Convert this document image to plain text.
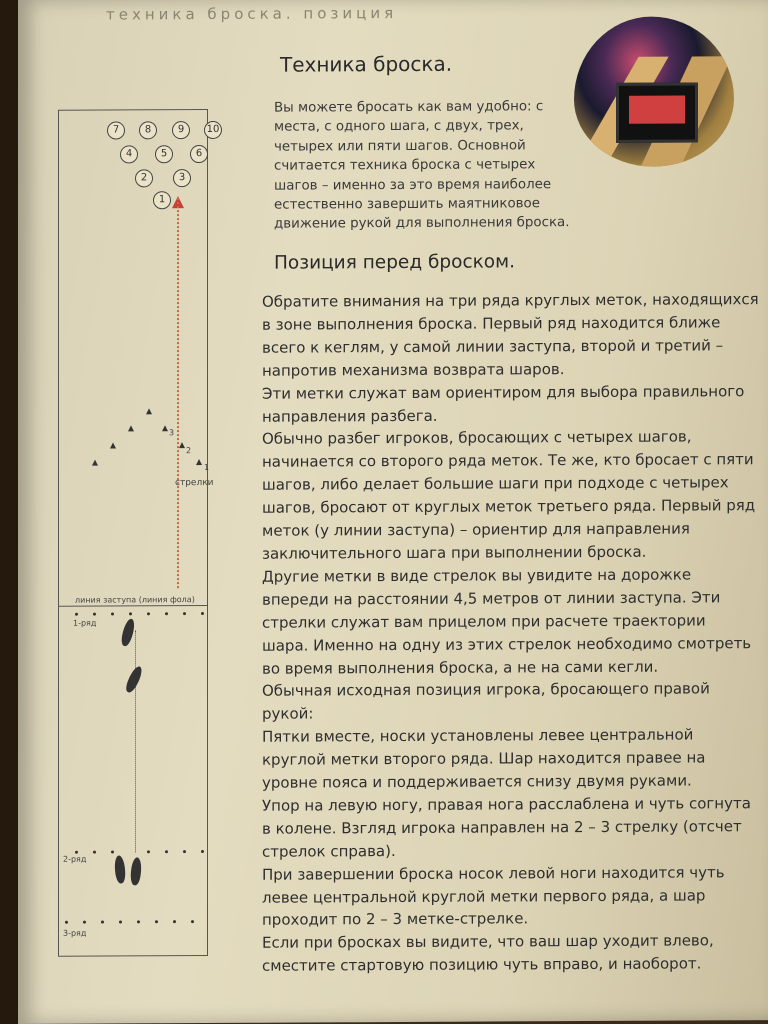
техника броска. позиция
Техника броска.
Вы можете бросать как вам удобно: с
места, с одного шага, с двух, трех,
четырех или пяти шагов. Основной
считается техника броска с четырех
шагов – именно за это время наиболее
естественно завершить маятниковое
движение рукой для выполнения броска.
Позиция перед броском.
Обратите внимания на три ряда круглых меток, находящихся
в зоне выполнения броска. Первый ряд находится ближе
всего к кеглям, у самой линии заступа, второй и третий –
напротив механизма возврата шаров.
Эти метки служат вам ориентиром для выбора правильного
направления разбега.
Обычно разбег игроков, бросающих с четырех шагов,
начинается со второго ряда меток. Те же, кто бросает с пяти
шагов, либо делает большие шаги при подходе с четырех
шагов, бросают от круглых меток третьего ряда. Первый ряд
меток (у линии заступа) – ориентир для направления
заключительного шага при выполнении броска.
Другие метки в виде стрелок вы увидите на дорожке
впереди на расстоянии 4,5 метров от линии заступа. Эти
стрелки служат вам прицелом при расчете траектории
шара. Именно на одну из этих стрелок необходимо смотреть
во время выполнения броска, а не на сами кегли.
Обычная исходная позиция игрока, бросающего правой
рукой:
Пятки вместе, носки установлены левее центральной
круглой метки второго ряда. Шар находится правее на
уровне пояса и поддерживается снизу двумя руками.
Упор на левую ногу, правая нога расслаблена и чуть согнута
в колене. Взгляд игрока направлен на 2 – 3 стрелку (отсчет
стрелок справа).
При завершении броска носок левой ноги находится чуть
левее центральной круглой метки первого ряда, а шар
проходит по 2 – 3 метке-стрелке.
Если при бросках вы видите, что ваш шар уходит влево,
сместите стартовую позицию чуть вправо, и наоборот.
7	8	9	10
4	5	6
2	3
1
3
2
1
стрелки
линия заступа (линия фола)
1-ряд
2-ряд
3-ряд
